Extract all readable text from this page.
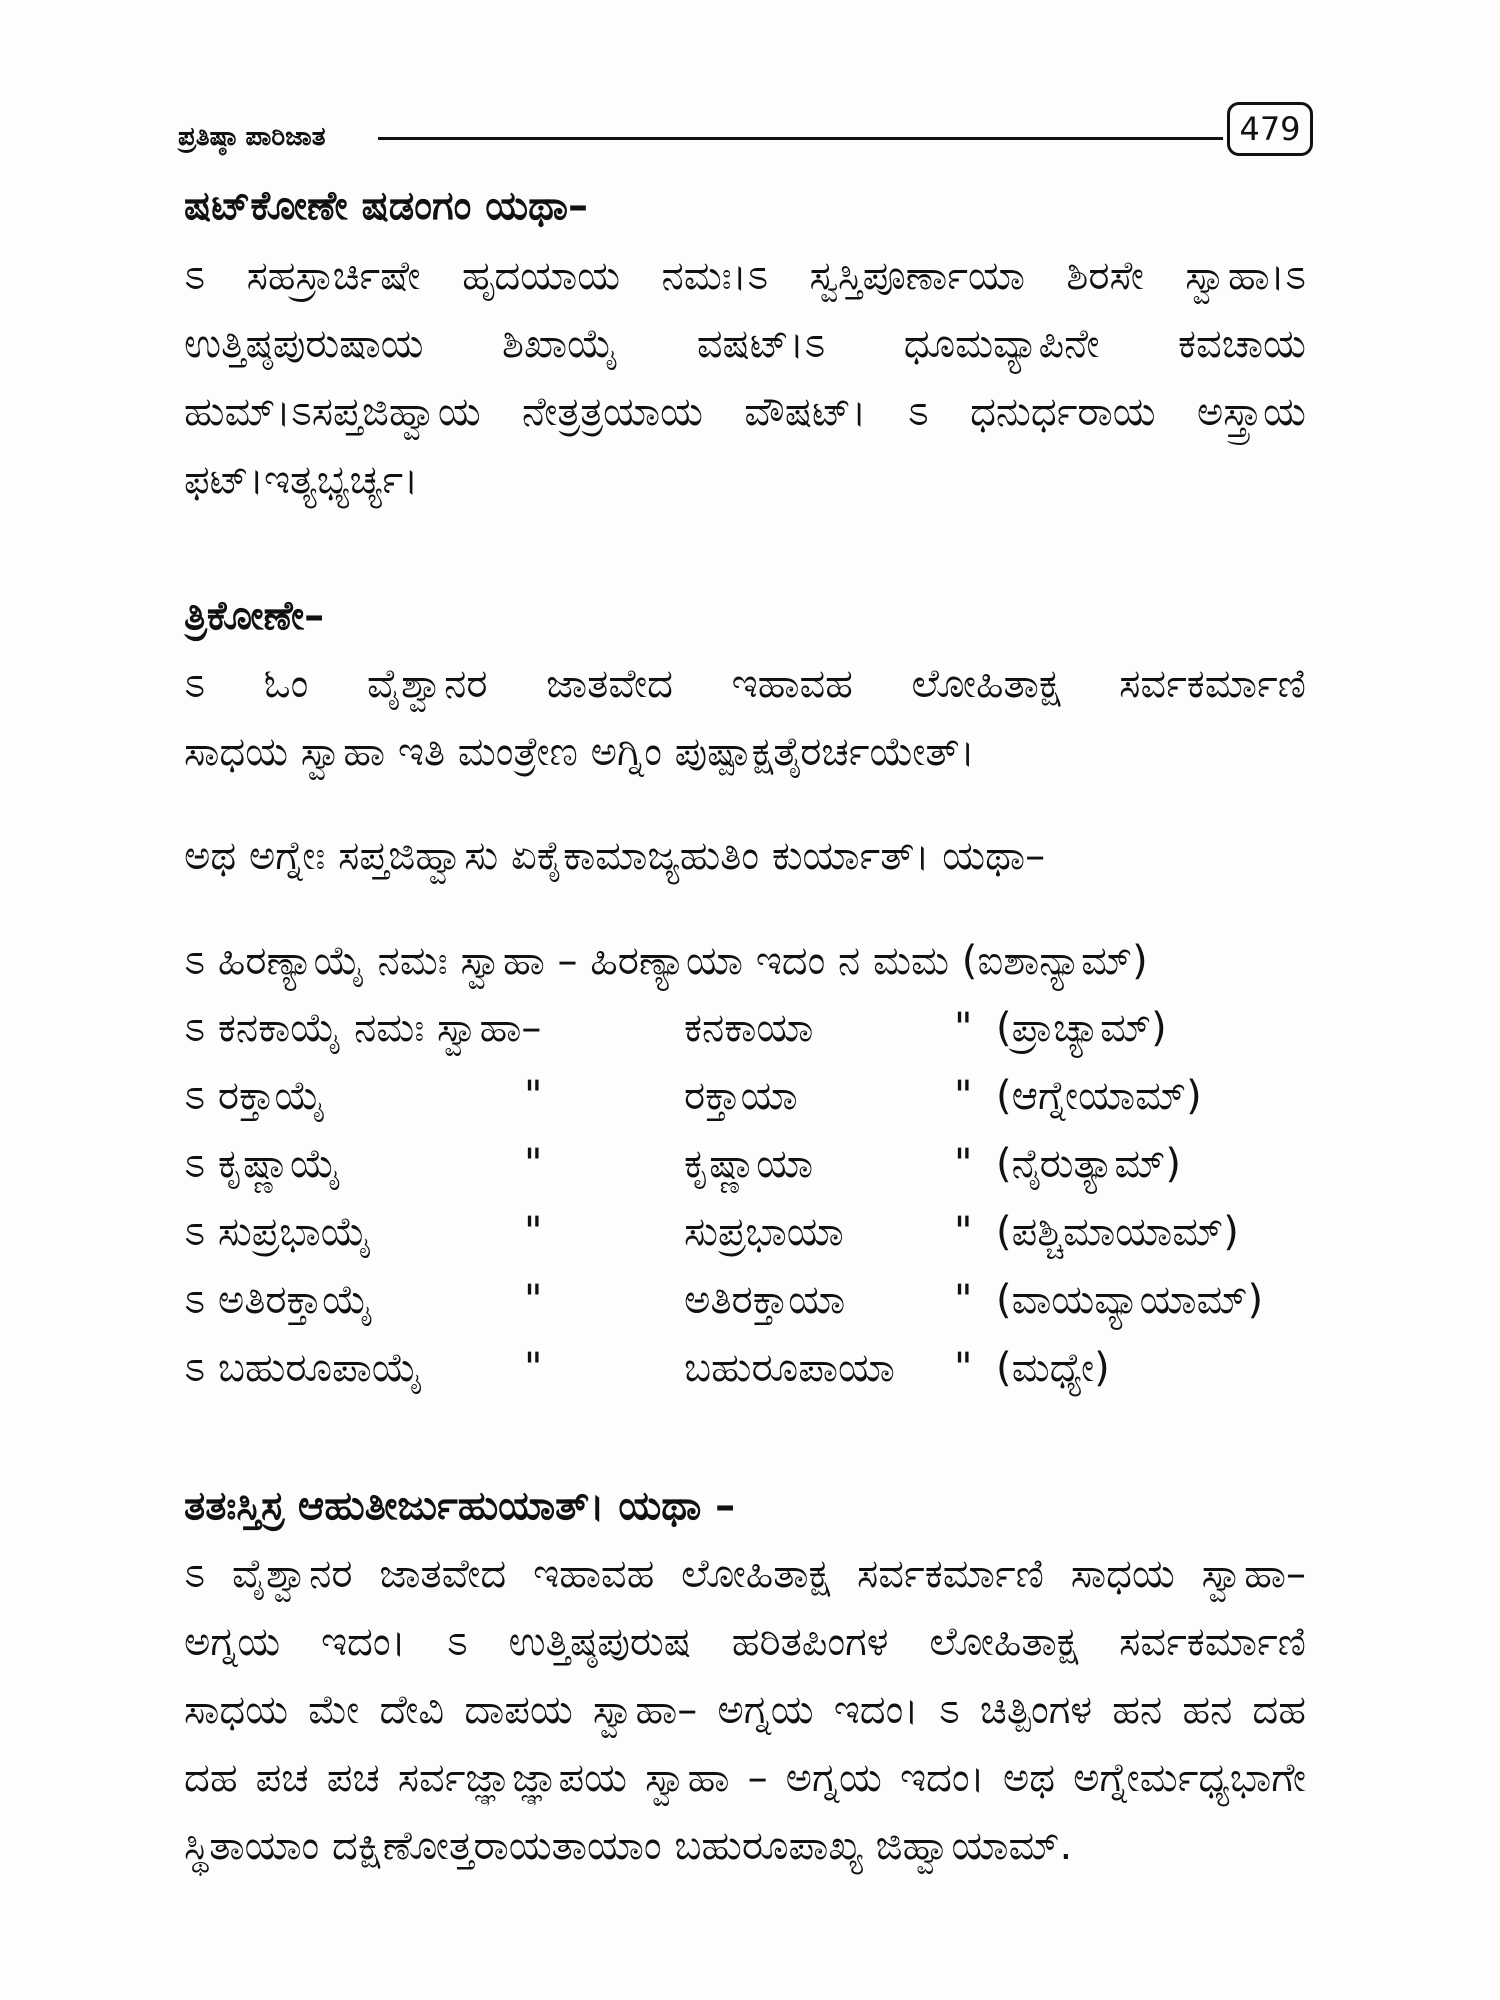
ಪ್ರತಿಷ್ಠಾ ಪಾರಿಜಾತ	479
ಷಟ್‌ಕೋಣೇ ಷಡಂಗಂ ಯಥಾ–
ಽ ಸಹಸ್ರಾರ್ಚಿಷೇ ಹೃದಯಾಯ ನಮಃ।ಽ ಸ್ವಸ್ತಿಪೂರ್ಣಾಯಾ ಶಿರಸೇ ಸ್ವಾಹಾ।ಽ
ಉತ್ತಿಷ್ಠಪುರುಷಾಯ ಶಿಖಾಯೈ ವಷಟ್।ಽ ಧೂಮವ್ಯಾಪಿನೇ ಕವಚಾಯ
ಹುಮ್।ಽಸಪ್ತಜಿಹ್ವಾಯ ನೇತ್ರತ್ರಯಾಯ ವೌಷಟ್। ಽ ಧನುರ್ಧರಾಯ ಅಸ್ತ್ರಾಯ
ಫಟ್।ಇತ್ಯಭ್ಯರ್ಚ್ಯ।
ತ್ರಿಕೋಣೇ–
ಽ ಓಂ ವೈಶ್ವಾನರ ಜಾತವೇದ ಇಹಾವಹ ಲೋಹಿತಾಕ್ಷ ಸರ್ವಕರ್ಮಾಣಿ
ಸಾಧಯ ಸ್ವಾಹಾ ಇತಿ ಮಂತ್ರೇಣ ಅಗ್ನಿಂ ಪುಷ್ಪಾಕ್ಷತೈರರ್ಚಯೇತ್।
ಅಥ ಅಗ್ನೇಃ ಸಪ್ತಜಿಹ್ವಾಸು ಏಕೈಕಾಮಾಜ್ಯಹುತಿಂ ಕುರ್ಯಾತ್। ಯಥಾ–
ಽ ಹಿರಣ್ಯಾಯೈ ನಮಃ ಸ್ವಾಹಾ – ಹಿರಣ್ಯಾಯಾ ಇದಂ ನ ಮಮ (ಐಶಾನ್ಯಾಮ್)
ಽ ಕನಕಾಯೈ ನಮಃ ಸ್ವಾಹಾ–	ಕನಕಾಯಾ	" (ಪ್ರಾಚ್ಯಾಮ್)
ಽ ರಕ್ತಾಯೈ	"	ರಕ್ತಾಯಾ	" (ಆಗ್ನೇಯಾಮ್)
ಽ ಕೃಷ್ಣಾಯೈ	"	ಕೃಷ್ಣಾಯಾ	" (ನೈರುತ್ಯಾಮ್)
ಽ ಸುಪ್ರಭಾಯೈ	"	ಸುಪ್ರಭಾಯಾ	" (ಪಶ್ಚಿಮಾಯಾಮ್)
ಽ ಅತಿರಕ್ತಾಯೈ	"	ಅತಿರಕ್ತಾಯಾ	" (ವಾಯವ್ಯಾಯಾಮ್)
ಽ ಬಹುರೂಪಾಯೈ	"	ಬಹುರೂಪಾಯಾ " (ಮಧ್ಯೇ)
ತತಃಸ್ತಿಸ್ರ ಆಹುತೀರ್ಜುಹುಯಾತ್। ಯಥಾ –
ಽ ವೈಶ್ವಾನರ ಜಾತವೇದ ಇಹಾವಹ ಲೋಹಿತಾಕ್ಷ ಸರ್ವಕರ್ಮಾಣಿ ಸಾಧಯ ಸ್ವಾಹಾ–
ಅಗ್ನಯ ಇದಂ। ಽ ಉತ್ತಿಷ್ಠಪುರುಷ ಹರಿತಪಿಂಗಳ ಲೋಹಿತಾಕ್ಷ ಸರ್ವಕರ್ಮಾಣಿ
ಸಾಧಯ ಮೇ ದೇವಿ ದಾಪಯ ಸ್ವಾಹಾ– ಅಗ್ನಯ ಇದಂ। ಽ ಚಿತ್ಪಿಂಗಳ ಹನ ಹನ ದಹ
ದಹ ಪಚ ಪಚ ಸರ್ವಜ್ಞಾಜ್ಞಾಪಯ ಸ್ವಾಹಾ – ಅಗ್ನಯ ಇದಂ। ಅಥ ಅಗ್ನೇರ್ಮಧ್ಯಭಾಗೇ
ಸ್ಥಿತಾಯಾಂ ದಕ್ಷಿಣೋತ್ತರಾಯತಾಯಾಂ ಬಹುರೂಪಾಖ್ಯ ಜಿಹ್ವಾಯಾಮ್.
